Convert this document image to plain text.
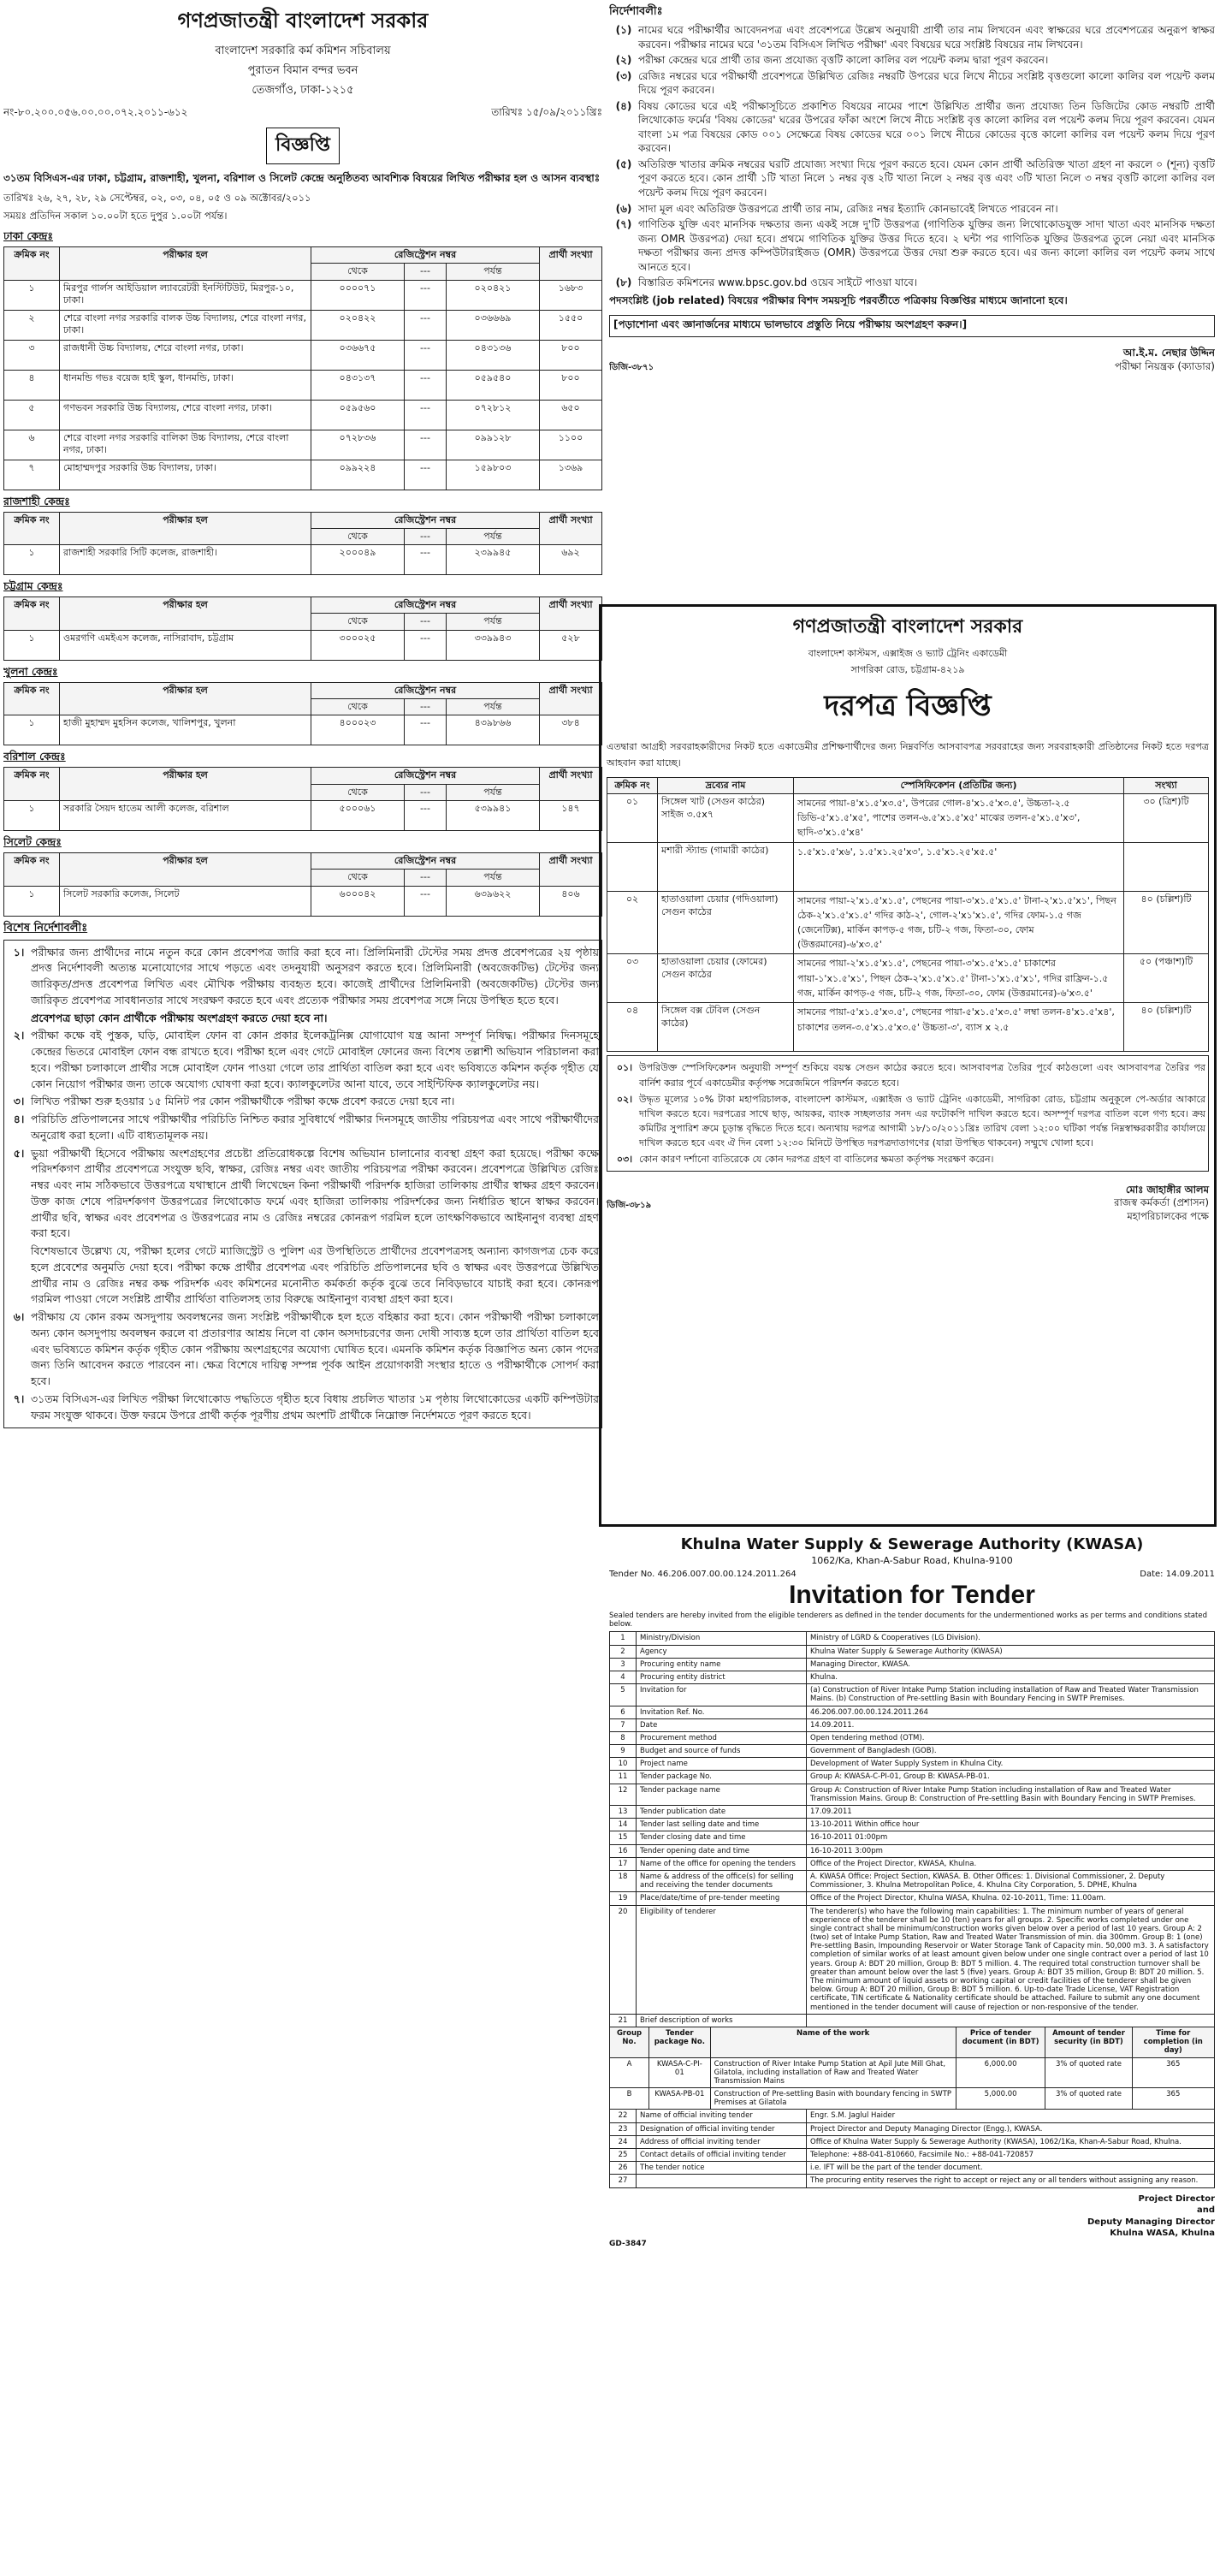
গণপ্রজাতন্ত্রী বাংলাদেশ সরকার
বাংলাদেশ সরকারি কর্ম কমিশন সচিবালয়
পুরাতন বিমান বন্দর ভবন
তেজগাঁও, ঢাকা-১২১৫
নং-৮০.২০০.০৫৬.০০.০০.০৭২.২০১১-৬১২	তারিখঃ ১৫/০৯/২০১১খ্রিঃ
বিজ্ঞপ্তি
৩১তম বিসিএস-এর ঢাকা, চট্টগ্রাম, রাজশাহী, খুলনা, বরিশাল ও সিলেট কেন্দ্রে অনুষ্ঠিতব্য আবশ্যিক বিষয়ের লিখিত পরীক্ষার হল ও আসন ব্যবস্থাঃ
তারিখঃ ২৬, ২৭, ২৮, ২৯ সেপ্টেম্বর, ০২, ০৩, ০৪, ০৫ ও ০৯ অক্টোবর/২০১১
সময়ঃ প্রতিদিন সকাল ১০.০০টা হতে দুপুর ১.০০টা পর্যন্ত।
ঢাকা কেন্দ্রঃ
ক্রমিক নং	পরীক্ষার হল	রেজিস্ট্রেশন নম্বর			প্রার্থী সংখ্যা
		থেকে	---	পর্যন্ত	
১	মিরপুর গার্লস আইডিয়াল ল্যাবরেটরী ইনস্টিটিউট, মিরপুর-১০, ঢাকা।	০০০০৭১	---	০২০৪২১	১৬৮৩
২	শেরে বাংলা নগর সরকারি বালক উচ্চ বিদ্যালয়, শেরে বাংলা নগর, ঢাকা।	০২০৪২২	---	০৩৬৬৬৯	১৫৫০
৩	রাজধানী উচ্চ বিদ্যালয়, শেরে বাংলা নগর, ঢাকা।	০৩৬৬৭৫	---	০৪৩১৩৬	৮০০
৪	ধানমন্ডি গভঃ বয়েজ হাই স্কুল, ধানমন্ডি, ঢাকা।	০৪৩১৩৭	---	০৫৯৫৪০	৮০০
৫	গণভবন সরকারি উচ্চ বিদ্যালয়, শেরে বাংলা নগর, ঢাকা।	০৫৯৫৬০	---	০৭২৮১২	৬৫০
৬	শেরে বাংলা নগর সরকারি বালিকা উচ্চ বিদ্যালয়, শেরে বাংলা নগর, ঢাকা।	০৭২৮৩৬	---	০৯৯১২৮	১১০০
৭	মোহাম্মদপুর সরকারি উচ্চ বিদ্যালয়, ঢাকা।	০৯৯২২৪	---	১৫৯৮০৩	১৩৬৯
রাজশাহী কেন্দ্রঃ
ক্রমিক নং	পরীক্ষার হল	রেজিস্ট্রেশন নম্বর			প্রার্থী সংখ্যা
		থেকে	---	পর্যন্ত	
১	রাজশাহী সরকারি সিটি কলেজ, রাজশাহী।	২০০০৪৯	---	২৩৯৯৪৫	৬৯২
চট্টগ্রাম কেন্দ্রঃ
ক্রমিক নং	পরীক্ষার হল	রেজিস্ট্রেশন নম্বর			প্রার্থী সংখ্যা
		থেকে	---	পর্যন্ত	
১	ওমরগণি এমইএস কলেজ, নাসিরাবাদ, চট্টগ্রাম	৩০০০২৫	---	৩৩৯৯৪৩	৫২৮
খুলনা কেন্দ্রঃ
ক্রমিক নং	পরীক্ষার হল	রেজিস্ট্রেশন নম্বর			প্রার্থী সংখ্যা
		থেকে	---	পর্যন্ত	
১	হাজী মুহাম্মদ মুহসিন কলেজ, খালিশপুর, খুলনা	৪০০০২৩	---	৪৩৯৮৬৬	৩৮৪
বরিশাল কেন্দ্রঃ
ক্রমিক নং	পরীক্ষার হল	রেজিস্ট্রেশন নম্বর			প্রার্থী সংখ্যা
		থেকে	---	পর্যন্ত	
১	সরকারি সৈয়দ হাতেম আলী কলেজ, বরিশাল	৫০০০৬১	---	৫৩৯৯৪১	১৪৭
সিলেট কেন্দ্রঃ
ক্রমিক নং	পরীক্ষার হল	রেজিস্ট্রেশন নম্বর			প্রার্থী সংখ্যা
		থেকে	---	পর্যন্ত	
১	সিলেট সরকারি কলেজ, সিলেট	৬০০০৪২	---	৬৩৯৬২২	৪০৬
বিশেষ নির্দেশাবলীঃ
১। পরীক্ষার জন্য প্রার্থীদের নামে নতুন করে কোন প্রবেশপত্র জারি করা হবে না। প্রিলিমিনারী টেস্টের সময় প্রদত্ত প্রবেশপত্রের ২য় পৃষ্ঠায় প্রদত্ত নির্দেশাবলী অত্যন্ত মনোযোগের সাথে পড়তে এবং তদনুযায়ী অনুসরণ করতে হবে। প্রিলিমিনারী (অবজেকটিভ) টেস্টের জন্য জারিকৃত/প্রদত্ত প্রবেশপত্র লিখিত এবং মৌখিক পরীক্ষায় ব্যবহৃত হবে। কাজেই প্রার্থীদের প্রিলিমিনারী (অবজেকটিভ) টেস্টের জন্য জারিকৃত প্রবেশপত্র সাবধানতার সাথে সংরক্ষণ করতে হবে এবং প্রত্যেক পরীক্ষার সময় প্রবেশপত্র সঙ্গে নিয়ে উপস্থিত হতে হবে।
প্রবেশপত্র ছাড়া কোন প্রার্থীকে পরীক্ষায় অংশগ্রহণ করতে দেয়া হবে না।
২। পরীক্ষা কক্ষে বই পুস্তক, ঘড়ি, মোবাইল ফোন বা কোন প্রকার ইলেকট্রনিক্স যোগাযোগ যন্ত্র আনা সম্পূর্ণ নিষিদ্ধ। পরীক্ষার দিনসমূহে কেন্দ্রের ভিতরে মোবাইল ফোন বন্ধ রাখতে হবে। পরীক্ষা হলে এবং গেটে মোবাইল ফোনের জন্য বিশেষ তল্লাশী অভিযান পরিচালনা করা হবে। পরীক্ষা চলাকালে প্রার্থীর সঙ্গে মোবাইল ফোন পাওয়া গেলে তার প্রার্থিতা বাতিল করা হবে এবং ভবিষ্যতে কমিশন কর্তৃক গৃহীত যে কোন নিয়োগ পরীক্ষার জন্য তাকে অযোগ্য ঘোষণা করা হবে। ক্যালকুলেটর আনা যাবে, তবে সাইন্টিফিক ক্যালকুলেটর নয়।
৩। লিখিত পরীক্ষা শুরু হওয়ার ১৫ মিনিট পর কোন পরীক্ষার্থীকে পরীক্ষা কক্ষে প্রবেশ করতে দেয়া হবে না।
৪। পরিচিতি প্রতিপালনের সাথে পরীক্ষার্থীর পরিচিতি নিশ্চিত করার সুবিধার্থে পরীক্ষার দিনসমূহে জাতীয় পরিচয়পত্র এবং সাথে পরীক্ষার্থীদের অনুরোধ করা হলো। এটি বাধ্যতামূলক নয়।
৫। ভুয়া পরীক্ষার্থী হিসেবে পরীক্ষায় অংশগ্রহণের প্রচেষ্টা প্রতিরোধকল্পে বিশেষ অভিযান চালানোর ব্যবস্থা গ্রহণ করা হয়েছে। পরীক্ষা কক্ষে পরিদর্শকগণ প্রার্থীর প্রবেশপত্রে সংযুক্ত ছবি, স্বাক্ষর, রেজিঃ নম্বর এবং জাতীয় পরিচয়পত্র পরীক্ষা করবেন। প্রবেশপত্রে উল্লিখিত রেজিঃ নম্বর এবং নাম সঠিকভাবে উত্তরপত্রে যথাস্থানে প্রার্থী লিখেছেন কিনা পরীক্ষার্থী পরিদর্শক হাজিরা তালিকায় প্রার্থীর স্বাক্ষর গ্রহণ করবেন। উক্ত কাজ শেষে পরিদর্শকগণ উত্তরপত্রের লিথোকোড ফর্মে এবং হাজিরা তালিকায় পরিদর্শকের জন্য নির্ধারিত স্থানে স্বাক্ষর করবেন। প্রার্থীর ছবি, স্বাক্ষর এবং প্রবেশপত্র ও উত্তরপত্রের নাম ও রেজিঃ নম্বরের কোনরূপ গরমিল হলে তাৎক্ষণিকভাবে আইনানুগ ব্যবস্থা গ্রহণ করা হবে।
বিশেষভাবে উল্লেখ্য যে, পরীক্ষা হলের গেটে ম্যাজিস্ট্রেট ও পুলিশ এর উপস্থিতিতে প্রার্থীদের প্রবেশপত্রসহ অন্যান্য কাগজপত্র চেক করে হলে প্রবেশের অনুমতি দেয়া হবে। পরীক্ষা কক্ষে প্রার্থীর প্রবেশপত্র এবং পরিচিতি প্রতিপালনের ছবি ও স্বাক্ষর এবং উত্তরপত্রে উল্লিখিত প্রার্থীর নাম ও রেজিঃ নম্বর কক্ষ পরিদর্শক এবং কমিশনের মনোনীত কর্মকর্তা কর্তৃক বুঝে তবে নিবিড়ভাবে যাচাই করা হবে। কোনরূপ গরমিল পাওয়া গেলে সংশ্লিষ্ট প্রার্থীর প্রার্থিতা বাতিলসহ তার বিরুদ্ধে আইনানুগ ব্যবস্থা গ্রহণ করা হবে।
৬। পরীক্ষায় যে কোন রকম অসদুপায় অবলম্বনের জন্য সংশ্লিষ্ট পরীক্ষার্থীকে হল হতে বহিষ্কার করা হবে। কোন পরীক্ষার্থী পরীক্ষা চলাকালে অন্য কোন অসদুপায় অবলম্বন করলে বা প্রতারণার আশ্রয় নিলে বা কোন অসদাচরণের জন্য দোষী সাব্যস্ত হলে তার প্রার্থিতা বাতিল হবে এবং ভবিষ্যতে কমিশন কর্তৃক গৃহীত কোন পরীক্ষায় অংশগ্রহণের অযোগ্য ঘোষিত হবে। এমনকি কমিশন কর্তৃক বিজ্ঞাপিত অন্য কোন পদের জন্য তিনি আবেদন করতে পারবেন না। ক্ষেত্র বিশেষে দায়িত্ব সম্পন্ন পূর্বক আইন প্রয়োগকারী সংস্থার হাতে ও পরীক্ষার্থীকে সোপর্দ করা হবে।
৭। ৩১তম বিসিএস-এর লিখিত পরীক্ষা লিথোকোড পদ্ধতিতে গৃহীত হবে বিধায় প্রচলিত খাতার ১ম পৃষ্ঠায় লিথোকোডের একটি কম্পিউটার ফরম সংযুক্ত থাকবে। উক্ত ফরমে উপরে প্রার্থী কর্তৃক পূরণীয় প্রথম অংশটি প্রার্থীকে নিম্নোক্ত নির্দেশমতে পূরণ করতে হবে।
নির্দেশাবলীঃ
(১) নামের ঘরে পরীক্ষার্থীর আবেদনপত্র এবং প্রবেশপত্রে উল্লেখ অনুযায়ী প্রার্থী তার নাম লিখবেন এবং স্বাক্ষরের ঘরে প্রবেশপত্রের অনুরূপ স্বাক্ষর করবেন। পরীক্ষার নামের ঘরে '৩১তম বিসিএস লিখিত পরীক্ষা' এবং বিষয়ের ঘরে সংশ্লিষ্ট বিষয়ের নাম লিখবেন।
(২) পরীক্ষা কেন্দ্রের ঘরে প্রার্থী তার জন্য প্রযোজ্য বৃত্তটি কালো কালির বল পয়েন্ট কলম দ্বারা পূরণ করবেন।
(৩) রেজিঃ নম্বরের ঘরে পরীক্ষার্থী প্রবেশপত্রে উল্লিখিত রেজিঃ নম্বরটি উপরের ঘরে লিখে নীচের সংশ্লিষ্ট বৃত্তগুলো কালো কালির বল পয়েন্ট কলম দিয়ে পূরণ করবেন।
(৪) বিষয় কোডের ঘরে এই পরীক্ষাসূচিতে প্রকাশিত বিষয়ের নামের পাশে উল্লিখিত প্রার্থীর জন্য প্রযোজ্য তিন ডিজিটের কোড নম্বরটি প্রার্থী লিথোকোড ফর্মের 'বিষয় কোডের' ঘরের উপরের ফাঁকা অংশে লিখে নীচে সংশ্লিষ্ট বৃত্ত কালো কালির বল পয়েন্ট কলম দিয়ে পূরণ করবেন। যেমন বাংলা ১ম পত্র বিষয়ের কোড ০০১ সেক্ষেত্রে বিষয় কোডের ঘরে ০০১ লিখে নীচের কোডের বৃত্তে কালো কালির বল পয়েন্ট কলম দিয়ে পূরণ করবেন।
(৫) অতিরিক্ত খাতার ক্রমিক নম্বরের ঘরটি প্রযোজ্য সংখ্যা দিয়ে পূরণ করতে হবে। যেমন কোন প্রার্থী অতিরিক্ত খাতা গ্রহণ না করলে ০ (শূন্য) বৃত্তটি পূরণ করতে হবে। কোন প্রার্থী ১টি খাতা নিলে ১ নম্বর বৃত্ত ২টি খাতা নিলে ২ নম্বর বৃত্ত এবং ৩টি খাতা নিলে ৩ নম্বর বৃত্তটি কালো কালির বল পয়েন্ট কলম দিয়ে পূরণ করবেন।
(৬) সাদা মূল এবং অতিরিক্ত উত্তরপত্রে প্রার্থী তার নাম, রেজিঃ নম্বর ইত্যাদি কোনভাবেই লিখতে পারবেন না।
(৭) গাণিতিক যুক্তি এবং মানসিক দক্ষতার জন্য একই সঙ্গে দু'টি উত্তরপত্র (গাণিতিক যুক্তির জন্য লিথোকোডযুক্ত সাদা খাতা এবং মানসিক দক্ষতা জন্য OMR উত্তরপত্র) দেয়া হবে। প্রথমে গাণিতিক যুক্তির উত্তর দিতে হবে। ২ ঘন্টা পর গাণিতিক যুক্তির উত্তরপত্র তুলে নেয়া এবং মানসিক দক্ষতা পরীক্ষার জন্য প্রদত্ত কম্পিউটারাইজড (OMR) উত্তরপত্রে উত্তর দেয়া শুরু করতে হবে। এর জন্য কালো কালির বল পয়েন্ট কলম সাথে আনতে হবে।
(৮) বিস্তারিত কমিশনের www.bpsc.gov.bd ওয়েব সাইটে পাওয়া যাবে।
পদসংশ্লিষ্ট (job related) বিষয়ের পরীক্ষার বিশদ সময়সূচি পরবর্তীতে পত্রিকায় বিজ্ঞপ্তির মাধ্যমে জানানো হবে।
[পড়াশোনা এবং জ্ঞানার্জনের মাধ্যমে ভালভাবে প্রস্তুতি নিয়ে পরীক্ষায় অংশগ্রহণ করুন।]
আ.ই.ম. নেছার উদ্দিন
পরীক্ষা নিয়ন্ত্রক (ক্যাডার)
ডিজি-৩৮৭১
গণপ্রজাতন্ত্রী বাংলাদেশ সরকার
বাংলাদেশ কাস্টমস, এক্সাইজ ও ভ্যাট ট্রেনিং একাডেমী
সাগরিকা রোড, চট্টগ্রাম-৪২১৯
দরপত্র বিজ্ঞপ্তি
এতদ্বারা আগ্রহী সরবরাহকারীদের নিকট হতে একাডেমীর প্রশিক্ষণার্থীদের জন্য নিম্নবর্ণিত আসবাবপত্র সরবরাহের জন্য সরবরাহকারী প্রতিষ্ঠানের নিকট হতে দরপত্র আহবান করা যাচ্ছে।
ক্রমিক নং	দ্রব্যের নাম	স্পেসিফিকেশন (প্রতিটির জন্য)	সংখ্যা
০১	সিঙ্গেল খাট (সেগুন কাঠের) সাইজ ৩.৫x৭	সামনের পায়া-৪'x১.৫'x৩.৫', উপরের গোল-৪'x১.৫'x৩.৫', উচ্চতা-২.৫ ডিভি-৫'x১.৫'x৫', পাশের তলন-৬.৫'x১.৫'x৫' মাঝের তলন-৫'x১.৫'x৩', ছাদি-৩'x১.৫'x৪'	৩০ (ত্রিশ)টি
	মশারী স্ট্যান্ড (গামারী কাঠের)	১.৫'x১.৫'x৬', ১.৫'x১.২৫'x৩', ১.৫'x১.২৫'x৫.৫'	
০২	হাতাওয়ালা চেয়ার (গদিওয়ালা) সেগুন কাঠের	সামনের পায়া-২'x১.৫'x১.৫', পেছনের পায়া-৩'x১.৫'x১.৫' টানা-২'x১.৫'x১', পিছন ঠেক-২'x১.৫'x১.৫' গদির কাঠ-২', গোল-২'x১'x১.৫', গদির ফোম-১.৫ গজ (জেনেটিক্স), মার্কিন কাপড়-৫ গজ, চটি-২ গজ, ফিতা-৩০, ফোম (উত্তরমানের)-৬'x৩.৫'	৪০ (চল্লিশ)টি
০৩	হাতাওয়ালা চেয়ার (ফোমের) সেগুন কাঠের	সামনের পায়া-২'x১.৫'x১.৫', পেছনের পায়া-৩'x১.৫'x১.৫' চাকাশের পায়া-১'x১.৫'x১', পিছন ঠেক-২'x১.৫'x১.৫' টানা-১'x১.৫'x১', গদির রাফ্রিন-১.৫ গজ, মার্কিন কাপড়-৫ গজ, চটি-২ গজ, ফিতা-৩০, ফোম (উত্তরমানের)-৬'x৩.৫'	৫০ (পঞ্চাশ)টি
০৪	সিঙ্গেল বক্স টেবিল (সেগুন কাঠের)	সামনের পায়া-৫'x১.৫'x৩.৫', পেছনের পায়া-৫'x১.৫'x৩.৫' লম্বা তলন-৪'x১.৫'x৪', চাকাশের তলন-৩.৫'x১.৫'x৩.৫' উচ্চতা-৩', ব্যাস x ২.৫	৪০ (চল্লিশ)টি
০১। উপরিউক্ত স্পেসিফিকেশন অনুযায়ী সম্পূর্ণ শুকিয়ে বয়স্ক সেগুন কাঠের করতে হবে। আসবাবপত্র তৈরির পূর্বে কাঠগুলো এবং আসবাবপত্র তৈরির পর বার্নিশ করার পূর্বে একাডেমীর কর্তৃপক্ষ সরেজমিনে পরিদর্শন করতে হবে।
০২। উদ্ধৃত মূল্যের ১০% টাকা মহাপরিচালক, বাংলাদেশ কাস্টমস, এক্সাইজ ও ভ্যাট ট্রেনিং একাডেমী, সাগরিকা রোড, চট্টগ্রাম অনুকূলে পে-অর্ডার আকারে দাখিল করতে হবে। দরপত্রের সাথে ছাড়, আয়কর, ব্যাংক সচ্ছলতার সনদ এর ফটোকপি দাখিল করতে হবে। অসম্পূর্ণ দরপত্র বাতিল বলে গণ্য হবে। ক্রয় কমিটির সুপারিশ ক্রমে চূড়ান্ত বৃদ্ধিতে দিতে হবে। অন্যথায় দরপত্র আগামী ১৮/১০/২০১১খ্রিঃ তারিখ বেলা ১২:০০ ঘটিকা পর্যন্ত নিম্নস্বাক্ষরকারীর কার্যালয়ে দাখিল করতে হবে এবং ঐ দিন বেলা ১২:৩০ মিনিটে উপস্থিত দরপত্রদাতাগণের (যারা উপস্থিত থাকবেন) সম্মুখে খোলা হবে।
০৩। কোন কারণ দর্শানো ব্যতিরেকে যে কোন দরপত্র গ্রহণ বা বাতিলের ক্ষমতা কর্তৃপক্ষ সংরক্ষণ করেন।
মোঃ জাহাঙ্গীর আলম
রাজস্ব কর্মকর্তা (প্রশাসন)
মহাপরিচালকের পক্ষে
ডিজি-৩৮১৯
Khulna Water Supply & Sewerage Authority (KWASA)
1062/Ka, Khan-A-Sabur Road, Khulna-9100
Tender No. 46.206.007.00.00.124.2011.264	Date: 14.09.2011
Invitation for Tender
Sealed tenders are hereby invited from the eligible tenderers as defined in the tender documents for the undermentioned works as per terms and conditions stated below.
1	Ministry/Division	Ministry of LGRD & Cooperatives (LG Division).
2	Agency	Khulna Water Supply & Sewerage Authority (KWASA)
3	Procuring entity name	Managing Director, KWASA.
4	Procuring entity district	Khulna.
5	Invitation for	(a) Construction of River Intake Pump Station including installation of Raw and Treated Water Transmission Mains. (b) Construction of Pre-settling Basin with Boundary Fencing in SWTP Premises.
6	Invitation Ref. No.	46.206.007.00.00.124.2011.264
7	Date	14.09.2011.
8	Procurement method	Open tendering method (OTM).
9	Budget and source of funds	Government of Bangladesh (GOB).
10	Project name	Development of Water Supply System in Khulna City.
11	Tender package No.	Group A: KWASA-C-PI-01, Group B: KWASA-PB-01.
12	Tender package name	Group A: Construction of River Intake Pump Station including installation of Raw and Treated Water Transmission Mains. Group B: Construction of Pre-settling Basin with Boundary Fencing in SWTP Premises.
13	Tender publication date	17.09.2011
14	Tender last selling date and time	13-10-2011 Within office hour
15	Tender closing date and time	16-10-2011 01:00pm
16	Tender opening date and time	16-10-2011 3:00pm
17	Name of the office for opening the tenders	Office of the Project Director, KWASA, Khulna.
18	Name & address of the office(s) for selling and receiving the tender documents	A. KWASA Office: Project Section, KWASA. B. Other Offices: 1. Divisional Commissioner, 2. Deputy Commissioner, 3. Khulna Metropolitan Police, 4. Khulna City Corporation, 5. DPHE, Khulna
19	Place/date/time of pre-tender meeting	Office of the Project Director, Khulna WASA, Khulna. 02-10-2011, Time: 11.00am.
20	Eligibility of tenderer	The tenderer(s) who have the following main capabilities: 1. The minimum number of years of general experience of the tenderer shall be 10 (ten) years for all groups. 2. Specific works completed under one single contract shall be minimum/construction works given below over a period of last 10 years. Group A: 2 (two) set of Intake Pump Station, Raw and Treated Water Transmission of min. dia 300mm. Group B: 1 (one) Pre-settling Basin, Impounding Reservoir or Water Storage Tank of Capacity min. 50,000 m3. 3. A satisfactory completion of similar works of at least amount given below under one single contract over a period of last 10 years. Group A: BDT 20 million, Group B: BDT 5 million. 4. The required total construction turnover shall be greater than amount below over the last 5 (five) years. Group A: BDT 35 million, Group B: BDT 20 million. 5. The minimum amount of liquid assets or working capital or credit facilities of the tenderer shall be given below. Group A: BDT 20 million, Group B: BDT 5 million. 6. Up-to-date Trade License, VAT Registration certificate, TIN certificate & Nationality certificate should be attached. Failure to submit any one document mentioned in the tender document will cause of rejection or non-responsive of the tender.
21	Brief description of works	
Group No.	Tender package No.	Name of the work	Price of tender document (in BDT)	Amount of tender security (in BDT)	Time for completion (in day)
A	KWASA-C-PI-01	Construction of River Intake Pump Station at Apil Jute Mill Ghat, Gilatola, including installation of Raw and Treated Water Transmission Mains	6,000.00	3% of quoted rate	365
B	KWASA-PB-01	Construction of Pre-settling Basin with boundary fencing in SWTP Premises at Gilatola	5,000.00	3% of quoted rate	365
22	Name of official inviting tender	Engr. S.M. Jaglul Haider
23	Designation of official inviting tender	Project Director and Deputy Managing Director (Engg.), KWASA.
24	Address of official inviting tender	Office of Khulna Water Supply & Sewerage Authority (KWASA), 1062/1Ka, Khan-A-Sabur Road, Khulna.
25	Contact details of official inviting tender	Telephone: +88-041-810660, Facsimile No.: +88-041-720857
26	The tender notice	i.e. IFT will be the part of the tender document.
27		The procuring entity reserves the right to accept or reject any or all tenders without assigning any reason.
Project Director
and
Deputy Managing Director
Khulna WASA, Khulna
GD-3847
